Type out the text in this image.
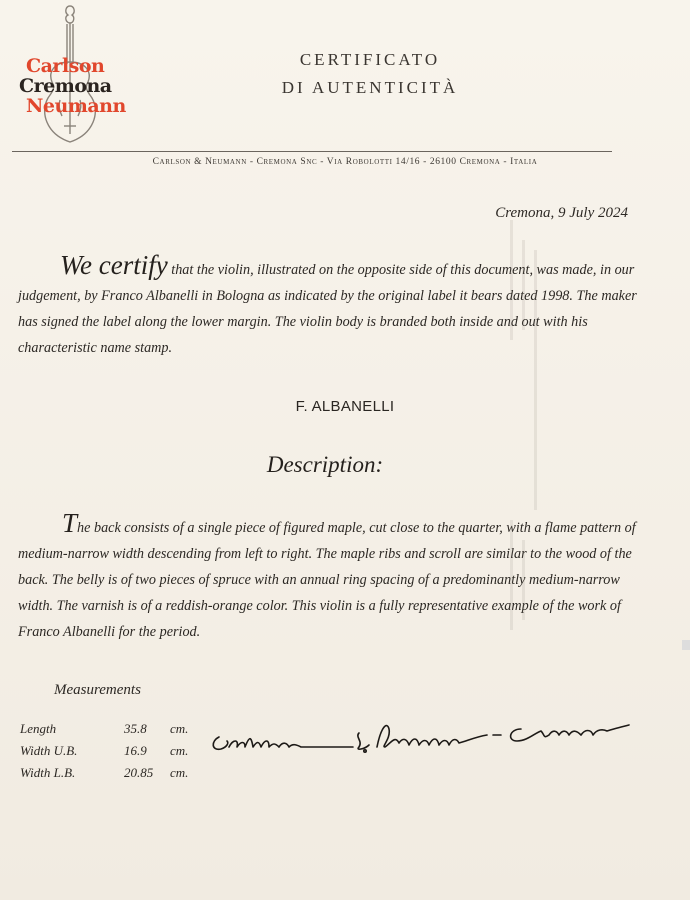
Carlson
Cremona
Neumann
CERTIFICATO
DI AUTENTICITÀ
Carlson & Neumann - Cremona Snc - Via Robolotti 14/16 - 26100 Cremona - Italia
Cremona, 9 July 2024
We certify that the violin, illustrated on the opposite side of this document, was made, in our judgement, by Franco Albanelli in Bologna as indicated by the original label it bears dated 1998. The maker has signed the label along the lower margin. The violin body is branded both inside and out with his characteristic name stamp.
F. ALBANELLI
Description:
The back consists of a single piece of figured maple, cut close to the quarter, with a flame pattern of medium-narrow width descending from left to right. The maple ribs and scroll are similar to the wood of the back. The belly is of two pieces of spruce with an annual ring spacing of a predominantly medium-narrow width. The varnish is of a reddish-orange color. This violin is a fully representative example of the work of Franco Albanelli for the period.
Measurements
Length	35.8	cm.
Width U.B.	16.9	cm.
Width L.B.	20.85	cm.
